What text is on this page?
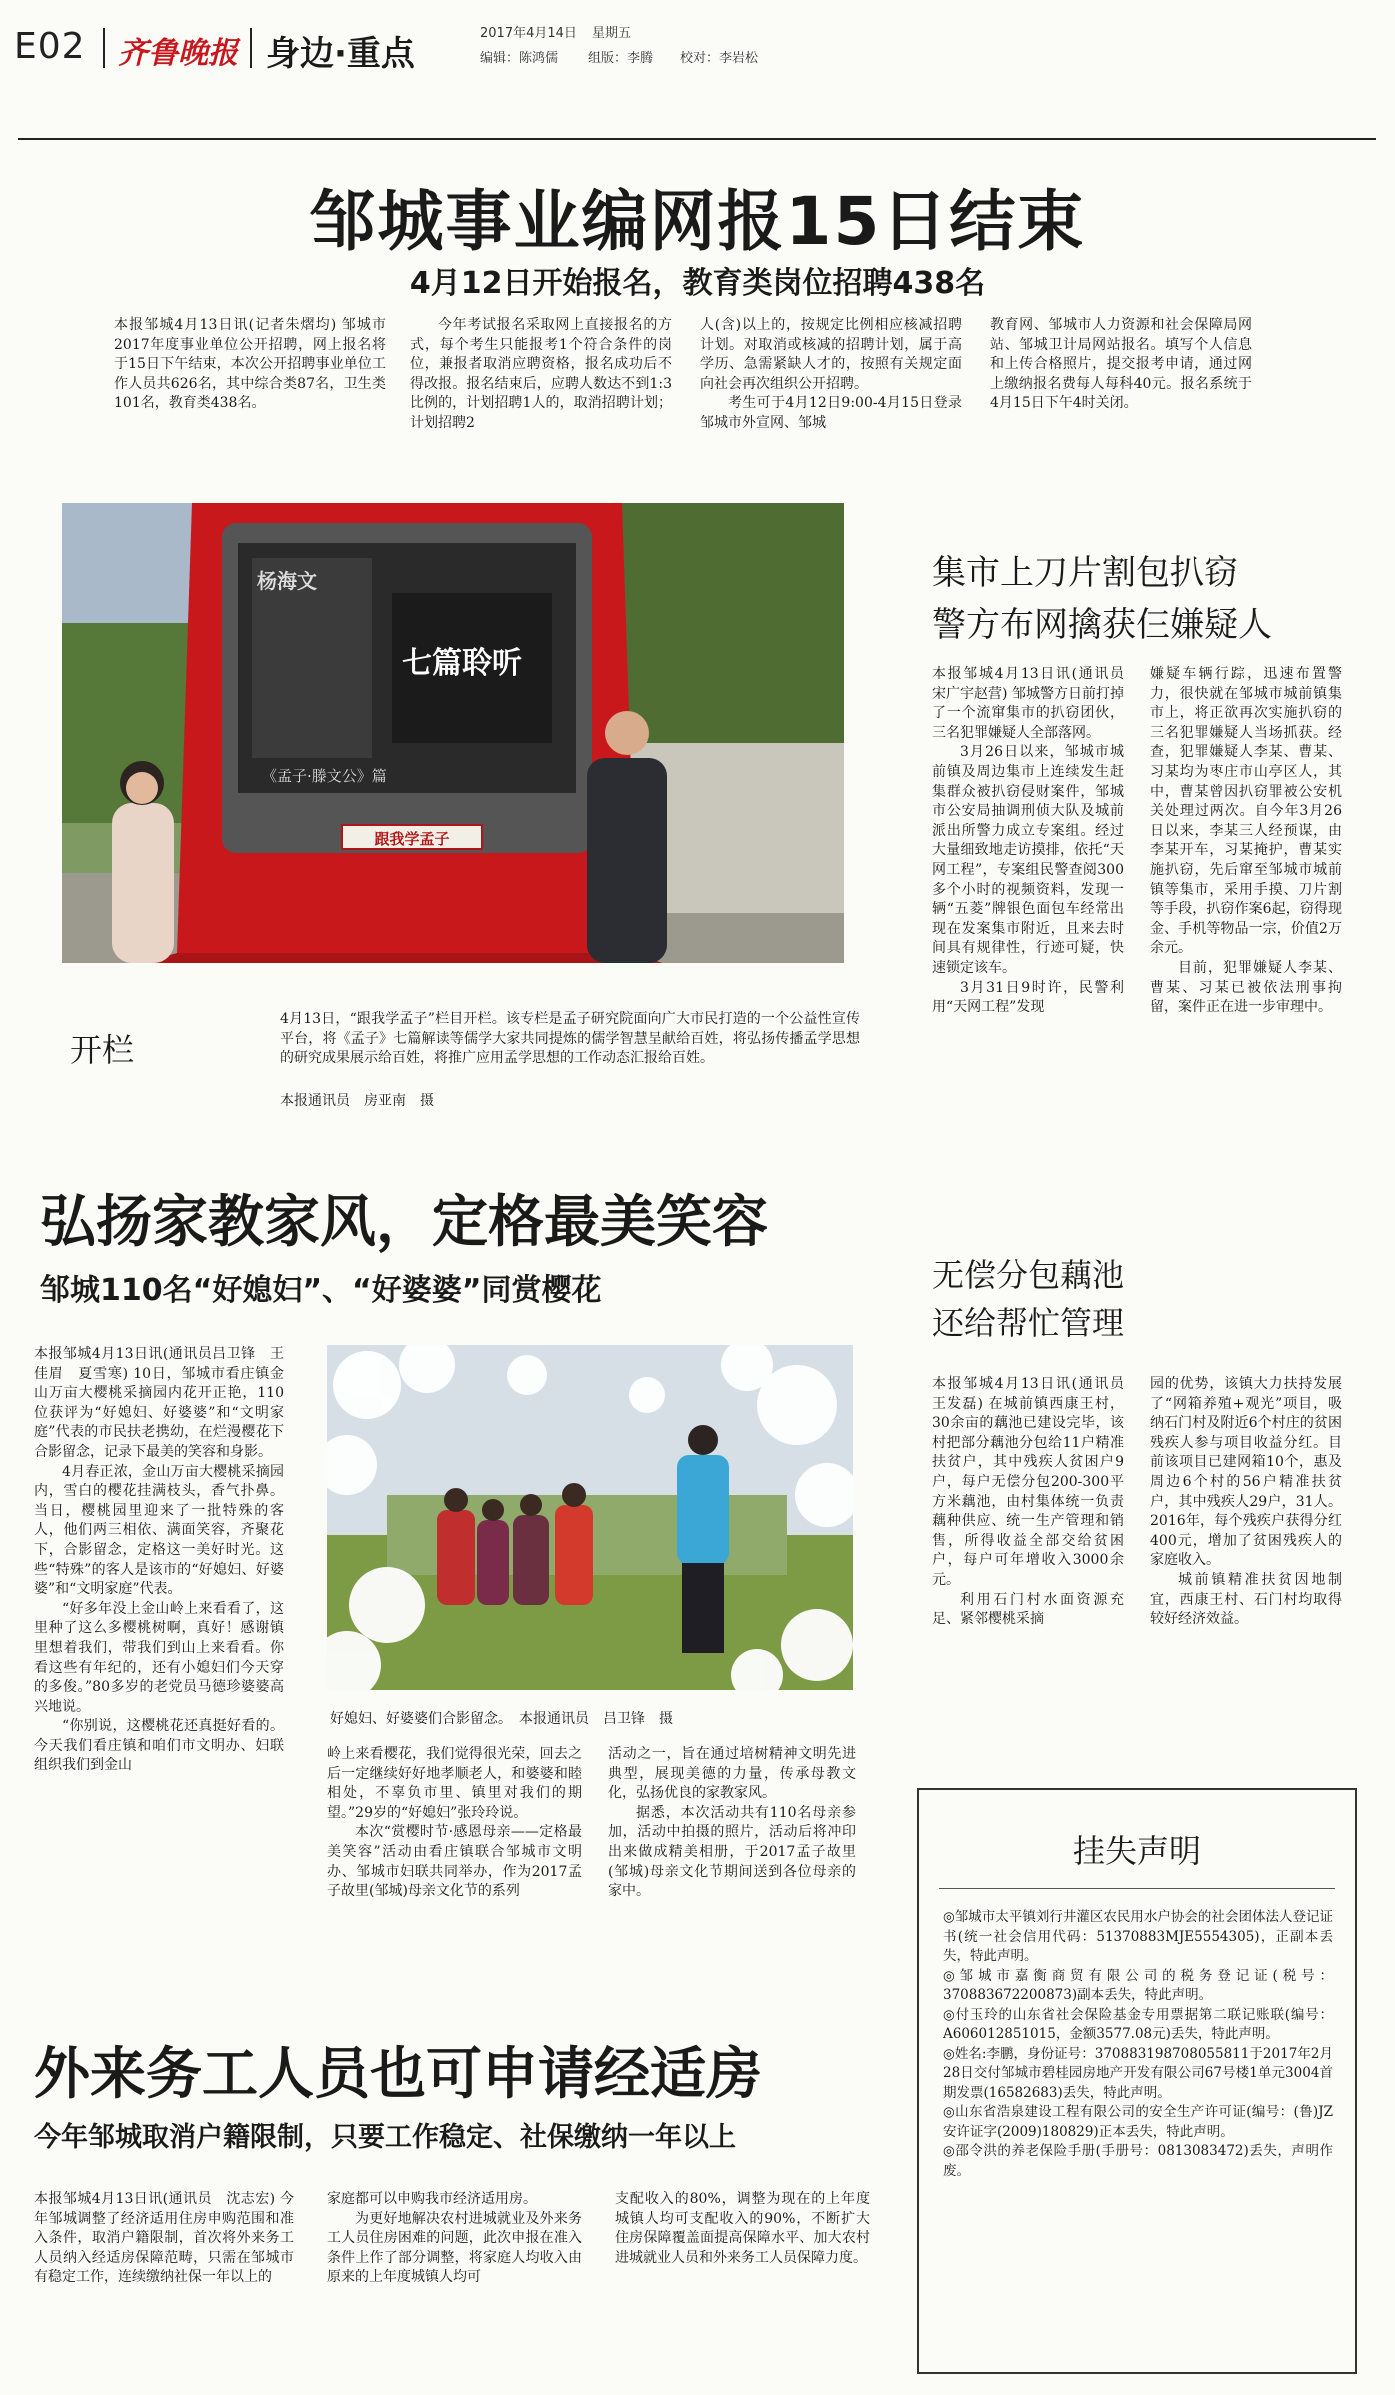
E02 齐鲁晚报 身边·重点
2017年4月14日 星期五
编辑：陈鸿儒 组版：李腾 校对：李岩松
邹城事业编网报15日结束
4月12日开始报名，教育类岗位招聘438名

本报邹城4月13日讯(记者朱熠均) 邹城市2017年度事业单位公开招聘，网上报名将于15日下午结束，本次公开招聘事业单位工作人员共626名，其中综合类87名，卫生类101名，教育类438名。

今年考试报名采取网上直接报名的方式，每个考生只能报考1个符合条件的岗位，兼报者取消应聘资格，报名成功后不得改报。报名结束后，应聘人数达不到1:3比例的，计划招聘1人的，取消招聘计划；计划招聘2

人(含)以上的，按规定比例相应核减招聘计划。对取消或核减的招聘计划，属于高学历、急需紧缺人才的，按照有关规定面向社会再次组织公开招聘。

考生可于4月12日9:00-4月15日登录邹城市外宣网、邹城

教育网、邹城市人力资源和社会保障局网站、邹城卫计局网站报名。填写个人信息和上传合格照片，提交报考申请，通过网上缴纳报名费每人每科40元。报名系统于4月15日下午4时关闭。

杨海文
七篇聆听
《孟子·滕文公》篇
跟我学孟子

4月13日，“跟我学孟子”栏目开栏。该专栏是孟子研究院面向广大市民打造的一个公益性宣传平台，将《孟子》七篇解读等儒学大家共同提炼的儒学智慧呈献给百姓，将弘扬传播孟学思想的研究成果展示给百姓，将推广应用孟学思想的工作动态汇报给百姓。

本报通讯员　房亚南　摄
开栏
集市上刀片割包扒窃
警方布网擒获仨嫌疑人

本报邹城4月13日讯(通讯员　宋广宇赵营) 邹城警方日前打掉了一个流窜集市的扒窃团伙，三名犯罪嫌疑人全部落网。

3月26日以来，邹城市城前镇及周边集市上连续发生赶集群众被扒窃侵财案件，邹城市公安局抽调刑侦大队及城前派出所警力成立专案组。经过大量细致地走访摸排，依托“天网工程”，专案组民警查阅300多个小时的视频资料，发现一辆“五菱”牌银色面包车经常出现在发案集市附近，且来去时间具有规律性，行迹可疑，快速锁定该车。

3月31日9时许，民警利用“天网工程”发现

嫌疑车辆行踪，迅速布置警力，很快就在邹城市城前镇集市上，将正欲再次实施扒窃的三名犯罪嫌疑人当场抓获。经查，犯罪嫌疑人李某、曹某、习某均为枣庄市山亭区人，其中，曹某曾因扒窃罪被公安机关处理过两次。自今年3月26日以来，李某三人经预谋，由李某开车，习某掩护，曹某实施扒窃，先后窜至邹城市城前镇等集市，采用手摸、刀片割等手段，扒窃作案6起，窃得现金、手机等物品一宗，价值2万余元。

目前，犯罪嫌疑人李某、曹某、习某已被依法刑事拘留，案件正在进一步审理中。

弘扬家教家风，定格最美笑容
邹城110名“好媳妇”、“好婆婆”同赏樱花

本报邹城4月13日讯(通讯员吕卫锋　王佳眉　夏雪寒) 10日，邹城市看庄镇金山万亩大樱桃采摘园内花开正艳，110位获评为“好媳妇、好婆婆”和“文明家庭”代表的市民扶老携幼，在烂漫樱花下合影留念，记录下最美的笑容和身影。

4月春正浓，金山万亩大樱桃采摘园内，雪白的樱花挂满枝头，香气扑鼻。当日，樱桃园里迎来了一批特殊的客人，他们两三相依、满面笑容，齐聚花下，合影留念，定格这一美好时光。这些“特殊”的客人是该市的“好媳妇、好婆婆”和“文明家庭”代表。

“好多年没上金山岭上来看看了，这里种了这么多樱桃树啊，真好！感谢镇里想着我们，带我们到山上来看看。你看这些有年纪的，还有小媳妇们今天穿的多俊。”80多岁的老党员马德珍婆婆高兴地说。

“你别说，这樱桃花还真挺好看的。今天我们看庄镇和咱们市文明办、妇联组织我们到金山

好媳妇、好婆婆们合影留念。　本报通讯员　吕卫锋　摄

岭上来看樱花，我们觉得很光荣，回去之后一定继续好好地孝顺老人，和婆婆和睦相处，不辜负市里、镇里对我们的期望。”29岁的“好媳妇”张玲玲说。

本次“赏樱时节·感恩母亲——定格最美笑容”活动由看庄镇联合邹城市文明办、邹城市妇联共同举办，作为2017孟子故里(邹城)母亲文化节的系列

活动之一，旨在通过培树精神文明先进典型，展现美德的力量，传承母教文化，弘扬优良的家教家风。

据悉，本次活动共有110名母亲参加，活动中拍摄的照片，活动后将冲印出来做成精美相册，于2017孟子故里(邹城)母亲文化节期间送到各位母亲的家中。

无偿分包藕池
还给帮忙管理

本报邹城4月13日讯(通讯员　王发磊) 在城前镇西康王村，30余亩的藕池已建设完毕，该村把部分藕池分包给11户精准扶贫户，其中残疾人贫困户9户，每户无偿分包200-300平方米藕池，由村集体统一负责藕种供应、统一生产管理和销售，所得收益全部交给贫困户，每户可年增收入3000余元。

利用石门村水面资源充足、紧邻樱桃采摘

园的优势，该镇大力扶持发展了“网箱养殖+观光”项目，吸纳石门村及附近6个村庄的贫困残疾人参与项目收益分红。目前该项目已建网箱10个，惠及周边6个村的56户精准扶贫户，其中残疾人29户，31人。2016年，每个残疾户获得分红400元，增加了贫困残疾人的家庭收入。

城前镇精准扶贫因地制宜，西康王村、石门村均取得较好经济效益。

挂失声明

◎邹城市太平镇刘行井灌区农民用水户协会的社会团体法人登记证书(统一社会信用代码：51370883MJE5554305)，正副本丢失，特此声明。

◎邹城市嘉衡商贸有限公司的税务登记证(税号：370883672200873)副本丢失，特此声明。

◎付玉玲的山东省社会保险基金专用票据第二联记账联(编号：A606012851015，金额3577.08元)丢失，特此声明。

◎姓名:李鹏，身份证号：370883198708055811于2017年2月28日交付邹城市碧桂园房地产开发有限公司67号楼1单元3004首期发票(16582683)丢失，特此声明。

◎山东省浩泉建设工程有限公司的安全生产许可证(编号：(鲁)JZ安许证字(2009)180829)正本丢失，特此声明。

◎邵令洪的养老保险手册(手册号：0813083472)丢失，声明作废。

外来务工人员也可申请经适房
今年邹城取消户籍限制，只要工作稳定、社保缴纳一年以上

本报邹城4月13日讯(通讯员　沈志宏) 今年邹城调整了经济适用住房申购范围和准入条件，取消户籍限制，首次将外来务工人员纳入经适房保障范畴，只需在邹城市有稳定工作，连续缴纳社保一年以上的

家庭都可以申购我市经济适用房。

为更好地解决农村进城就业及外来务工人员住房困难的问题，此次申报在准入条件上作了部分调整，将家庭人均收入由原来的上年度城镇人均可

支配收入的80%，调整为现在的上年度城镇人均可支配收入的90%，不断扩大住房保障覆盖面提高保障水平、加大农村进城就业人员和外来务工人员保障力度。
